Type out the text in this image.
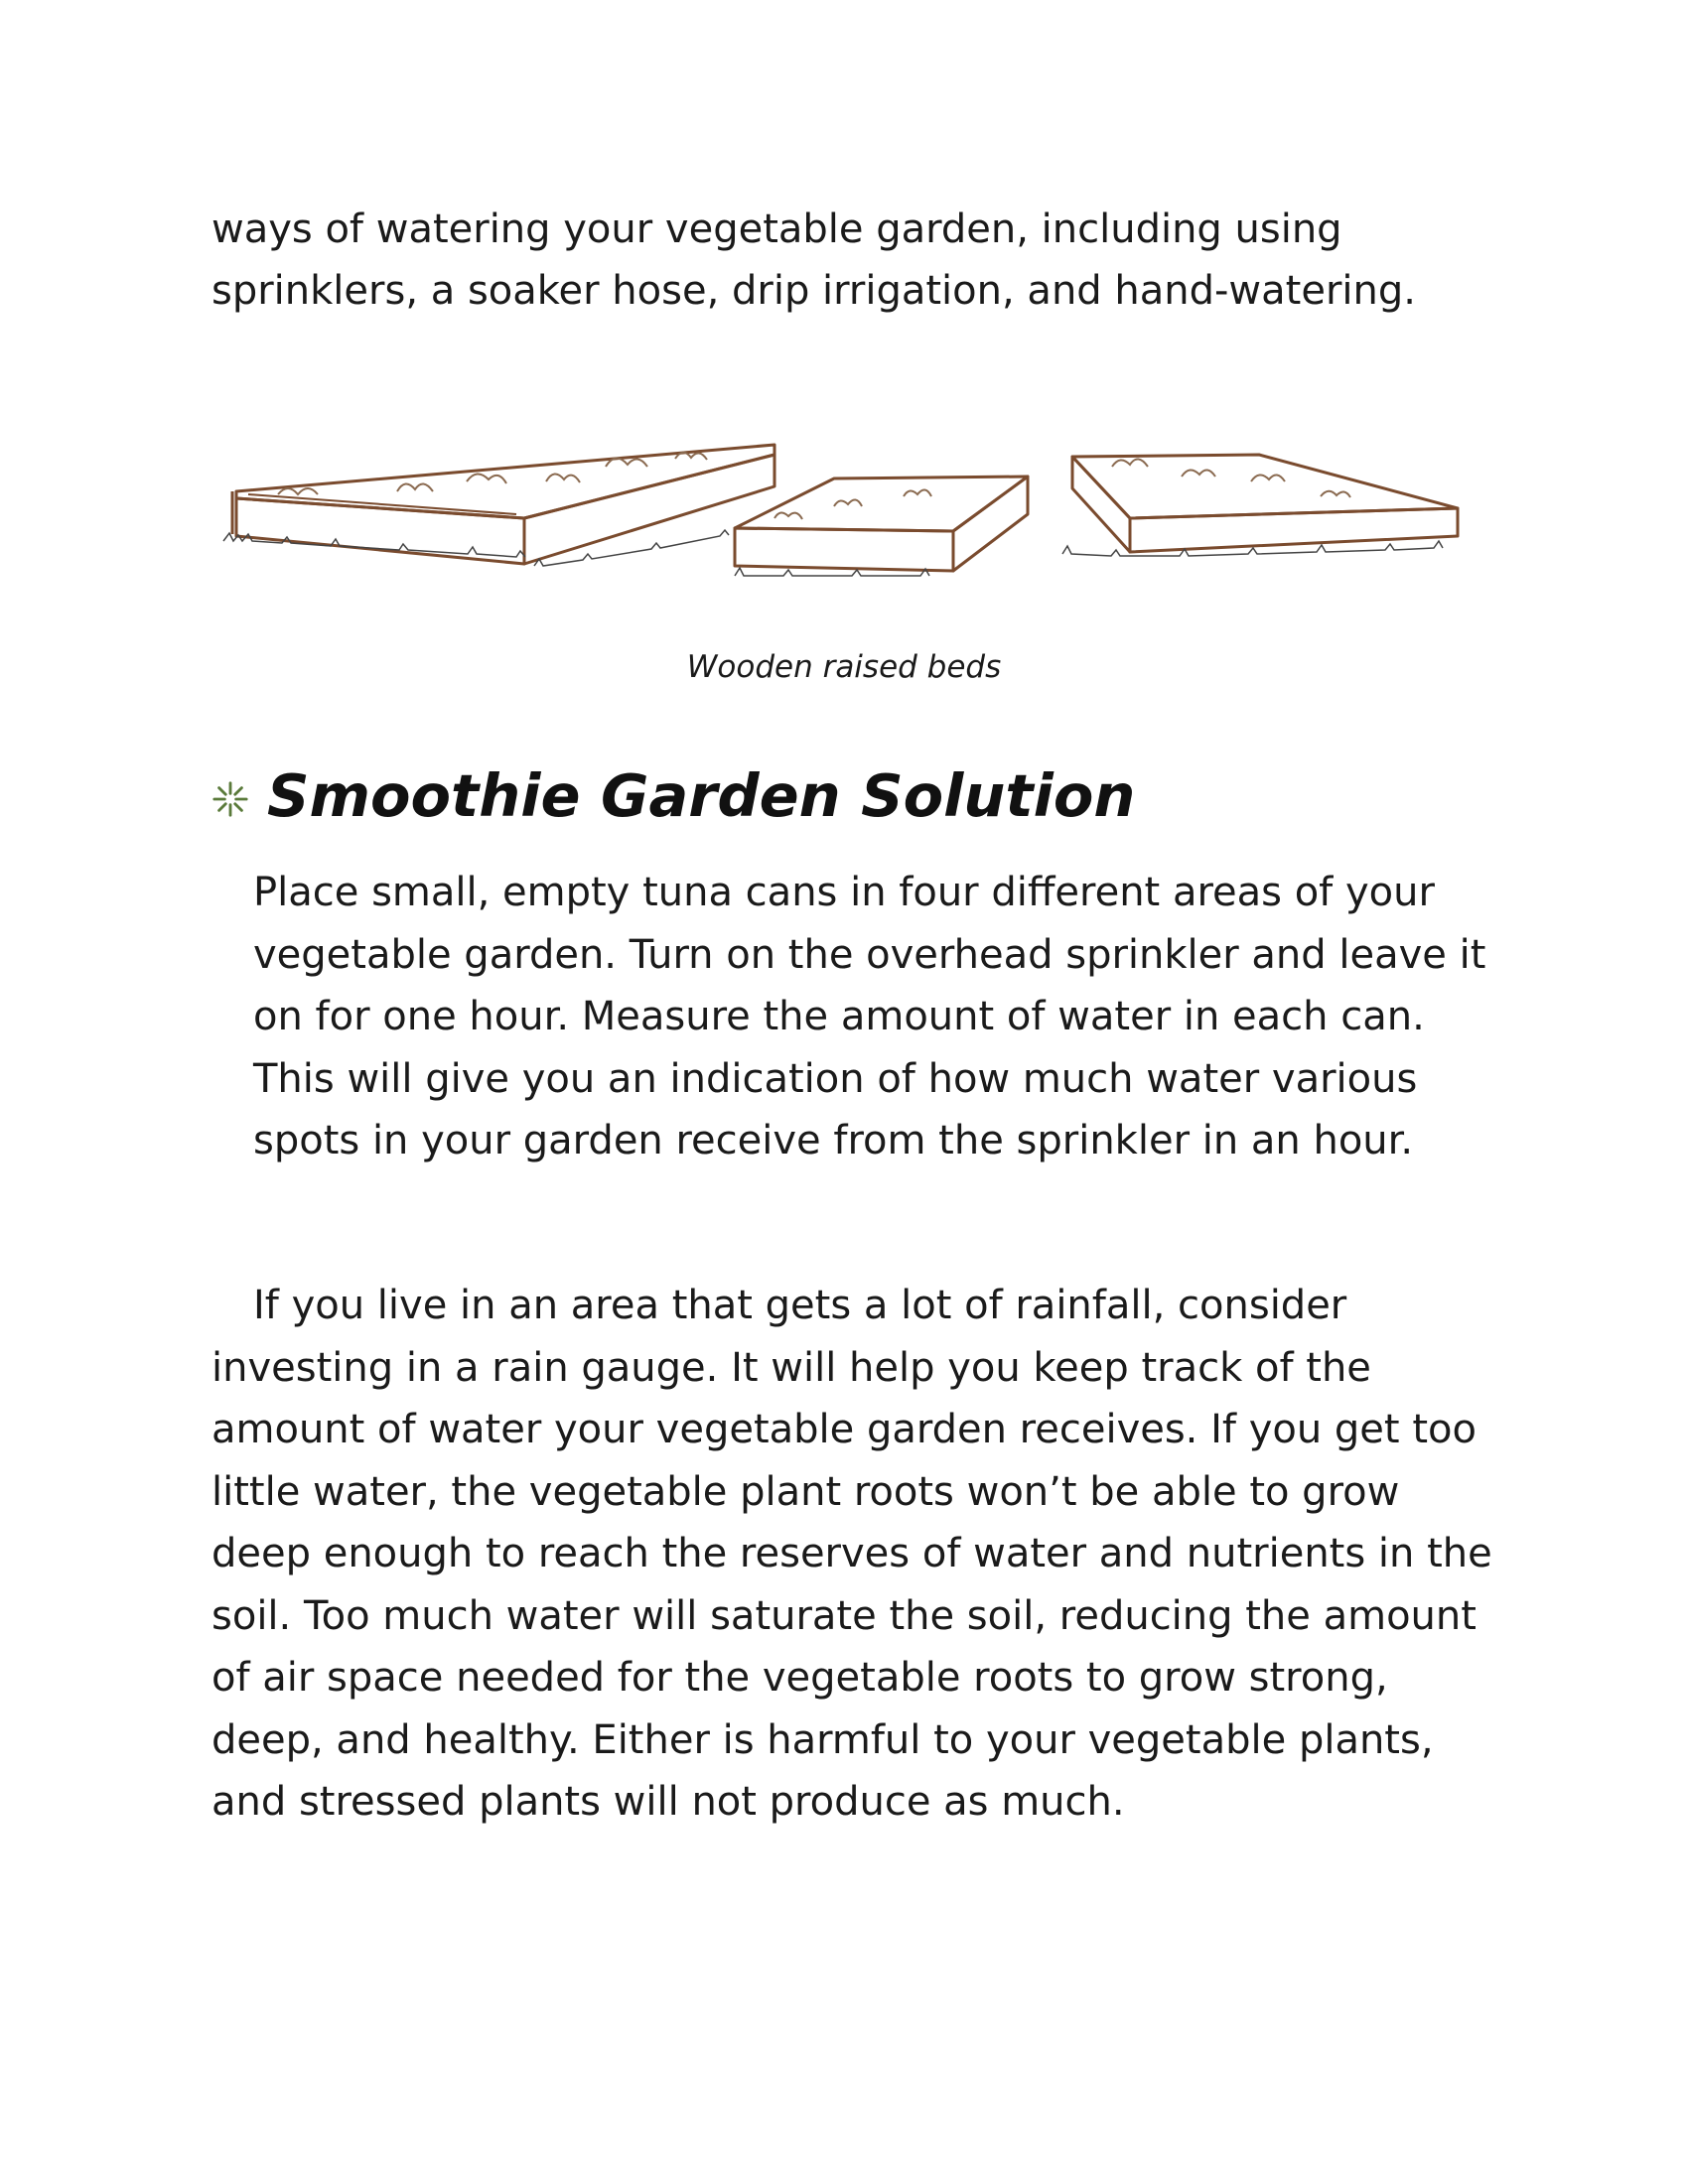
ways of watering your vegetable garden, including using sprinklers, a soaker hose, drip irrigation, and hand-watering.

Wooden raised beds
Smoothie Garden Solution

Place small, empty tuna cans in four different areas of your vegetable garden. Turn on the overhead sprinkler and leave it on for one hour. Measure the amount of water in each can. This will give you an indication of how much water various spots in your garden receive from the sprinkler in an hour.

If you live in an area that gets a lot of rainfall, consider investing in a rain gauge. It will help you keep track of the amount of water your vegetable garden receives. If you get too little water, the vegetable plant roots won’t be able to grow deep enough to reach the reserves of water and nutrients in the soil. Too much water will saturate the soil, reducing the amount of air space needed for the vegetable roots to grow strong, deep, and healthy. Either is harmful to your vegetable plants, and stressed plants will not produce as much.
